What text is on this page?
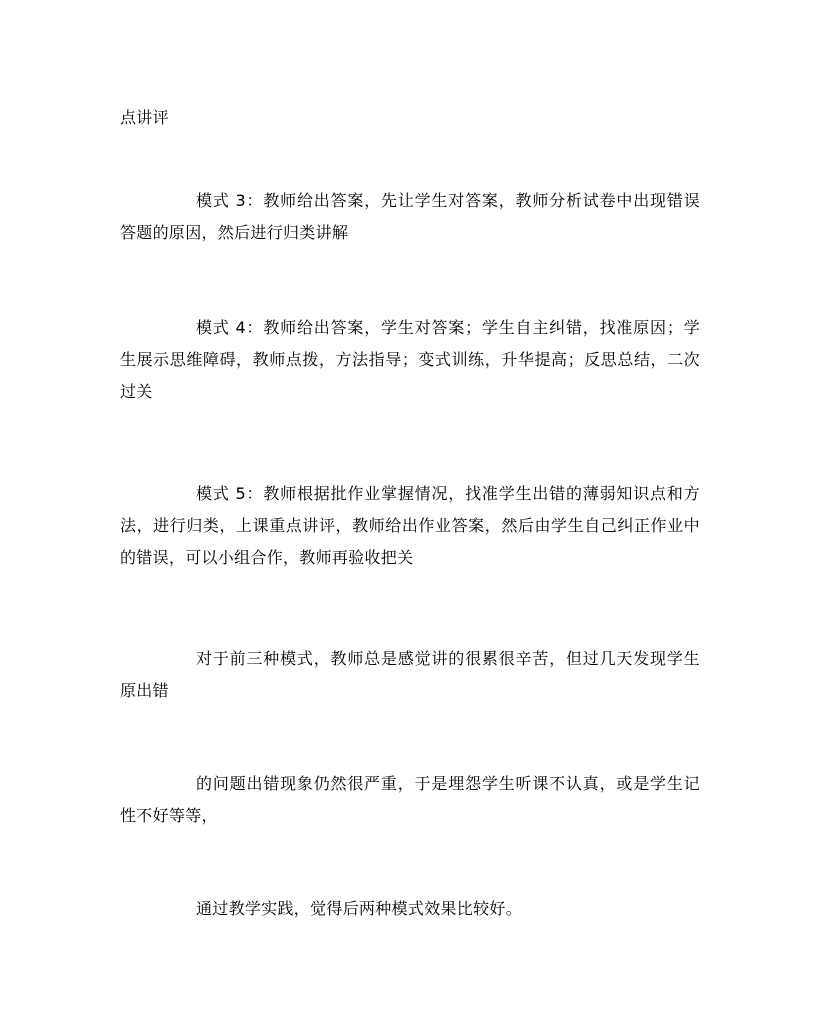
点讲评

模式 3：教师给出答案，先让学生对答案，教师分析试卷中出现错误答题的原因，然后进行归类讲解

模式 4：教师给出答案，学生对答案；学生自主纠错，找准原因；学生展示思维障碍，教师点拨，方法指导；变式训练，升华提高；反思总结，二次过关

模式 5：教师根据批作业掌握情况，找准学生出错的薄弱知识点和方法，进行归类，上课重点讲评，教师给出作业答案，然后由学生自己纠正作业中的错误，可以小组合作，教师再验收把关

对于前三种模式，教师总是感觉讲的很累很辛苦，但过几天发现学生原出错

的问题出错现象仍然很严重，于是埋怨学生听课不认真，或是学生记性不好等等，

通过教学实践，觉得后两种模式效果比较好。
